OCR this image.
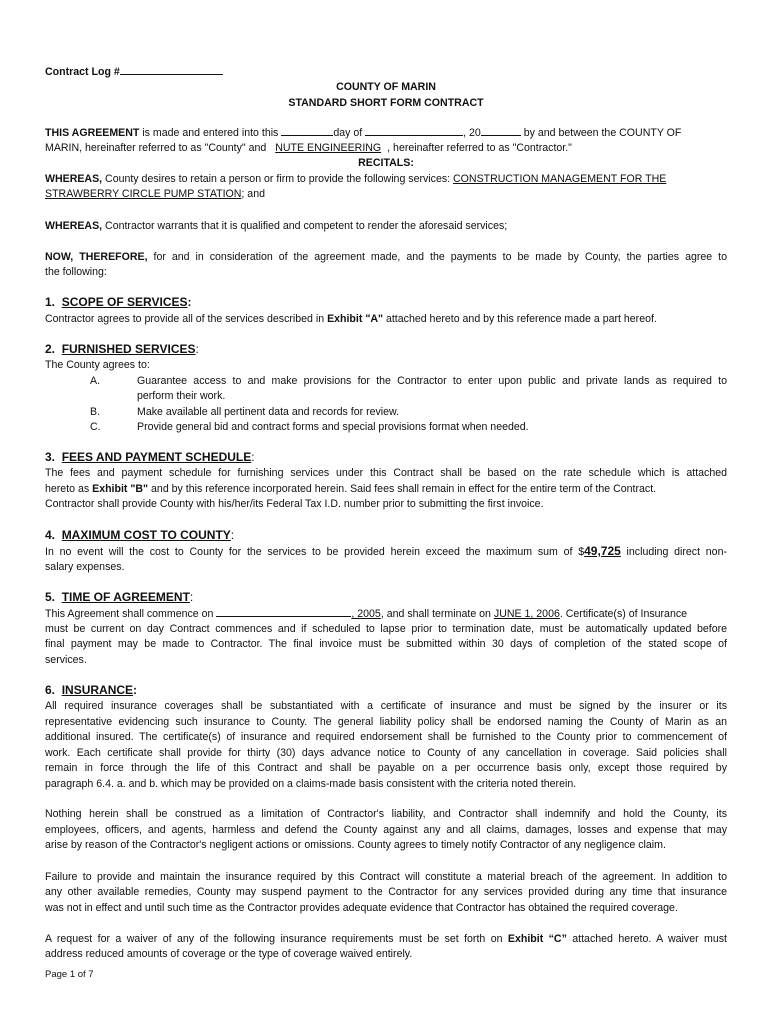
Contract Log #
COUNTY OF MARIN
STANDARD SHORT FORM CONTRACT
THIS AGREEMENT is made and entered into this	day of	, 20	by and between the COUNTY OF
MARIN, hereinafter referred to as "County" and NUTE ENGINEERING , hereinafter referred to as "Contractor."
RECITALS:
WHEREAS, County desires to retain a person or firm to provide the following services: CONSTRUCTION MANAGEMENT FOR THE
STRAWBERRY CIRCLE PUMP STATION; and
WHEREAS, Contractor warrants that it is qualified and competent to render the aforesaid services;
NOW, THEREFORE, for and in consideration of the agreement made, and the payments to be made by County, the parties agree to
the following:
1. SCOPE OF SERVICES:
Contractor agrees to provide all of the services described in Exhibit "A" attached hereto and by this reference made a part hereof.
2. FURNISHED SERVICES:
The County agrees to:
A.	Guarantee access to and make provisions for the Contractor to enter upon public and private lands as required to
perform their work.
B.	Make available all pertinent data and records for review.
C.	Provide general bid and contract forms and special provisions format when needed.
3. FEES AND PAYMENT SCHEDULE:
The fees and payment schedule for furnishing services under this Contract shall be based on the rate schedule which is attached
hereto as Exhibit "B" and by this reference incorporated herein. Said fees shall remain in effect for the entire term of the Contract.
Contractor shall provide County with his/her/its Federal Tax I.D. number prior to submitting the first invoice.
4. MAXIMUM COST TO COUNTY:
In no event will the cost to County for the services to be provided herein exceed the maximum sum of $49,725 including direct non-
salary expenses.
5. TIME OF AGREEMENT:
This Agreement shall commence on	, 2005, and shall terminate on JUNE 1, 2006. Certificate(s) of Insurance
must be current on day Contract commences and if scheduled to lapse prior to termination date, must be automatically updated before
final payment may be made to Contractor. The final invoice must be submitted within 30 days of completion of the stated scope of
services.
6. INSURANCE:
All required insurance coverages shall be substantiated with a certificate of insurance and must be signed by the insurer or its
representative evidencing such insurance to County. The general liability policy shall be endorsed naming the County of Marin as an
additional insured. The certificate(s) of insurance and required endorsement shall be furnished to the County prior to commencement of
work. Each certificate shall provide for thirty (30) days advance notice to County of any cancellation in coverage. Said policies shall
remain in force through the life of this Contract and shall be payable on a per occurrence basis only, except those required by
paragraph 6.4. a. and b. which may be provided on a claims-made basis consistent with the criteria noted therein.
Nothing herein shall be construed as a limitation of Contractor's liability, and Contractor shall indemnify and hold the County, its
employees, officers, and agents, harmless and defend the County against any and all claims, damages, losses and expense that may
arise by reason of the Contractor's negligent actions or omissions. County agrees to timely notify Contractor of any negligence claim.
Failure to provide and maintain the insurance required by this Contract will constitute a material breach of the agreement. In addition to
any other available remedies, County may suspend payment to the Contractor for any services provided during any time that insurance
was not in effect and until such time as the Contractor provides adequate evidence that Contractor has obtained the required coverage.
A request for a waiver of any of the following insurance requirements must be set forth on Exhibit “C” attached hereto. A waiver must
address reduced amounts of coverage or the type of coverage waived entirely.
Page 1 of 7
